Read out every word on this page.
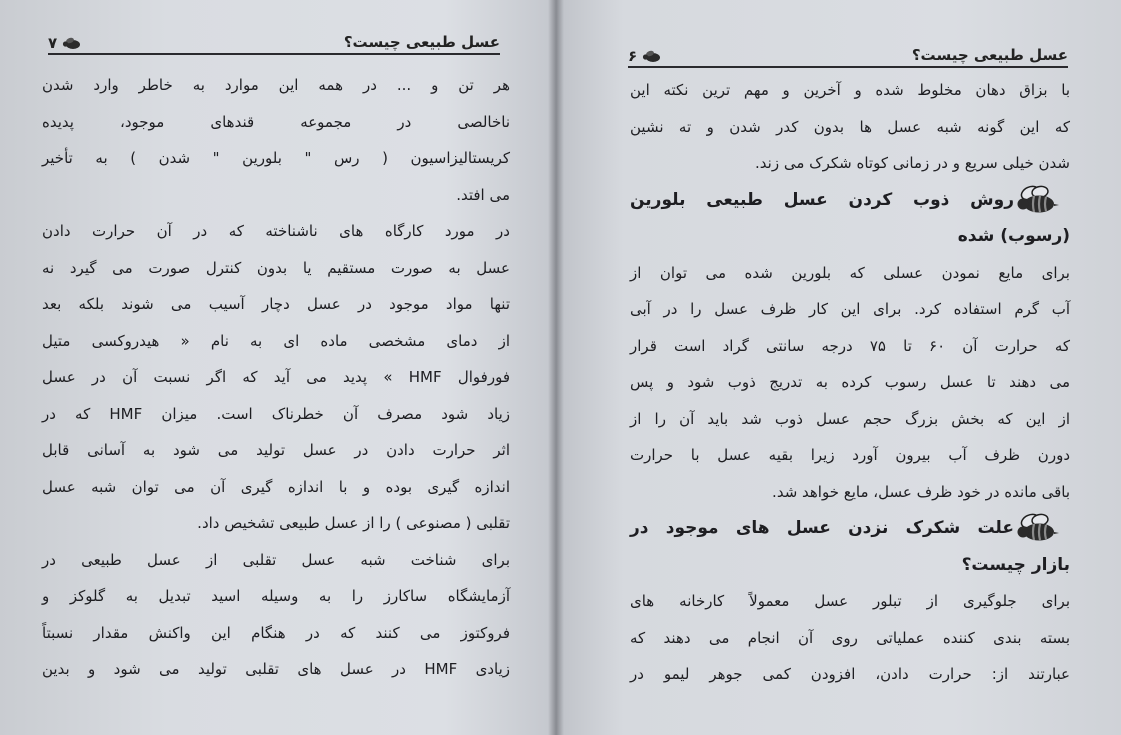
عسل طبیعی چیست؟
۷
هر تن و ... در همه این موارد به خاطر وارد شدن
ناخالصی در مجموعه قندهای موجود، پدیده
کریستالیزاسیون ( رس " بلورین " شدن ) به تأخیر
می افتد.
در مورد کارگاه های ناشناخته که در آن حرارت دادن
عسل به صورت مستقیم یا بدون کنترل صورت می گیرد نه
تنها مواد موجود در عسل دچار آسیب می شوند بلکه بعد
از دمای مشخصی ماده ای به نام « هیدروکسی متیل
فورفوال HMF » پدید می آید که اگر نسبت آن در عسل
زیاد شود مصرف آن خطرناک است. میزان HMF که در
اثر حرارت دادن در عسل تولید می شود به آسانی قابل
اندازه گیری بوده و با اندازه گیری آن می توان شبه عسل
تقلبی ( مصنوعی ) را از عسل طبیعی تشخیص داد.
برای شناخت شبه عسل تقلبی از عسل طبیعی در
آزمایشگاه ساکارز را به وسیله اسید تبدیل به گلوکز و
فروکتوز می کنند که در هنگام این واکنش مقدار نسبتاً
زیادی HMF در عسل های تقلبی تولید می شود و بدین
عسل طبیعی چیست؟
۶
با بزاق دهان مخلوط شده و آخرین و مهم ترین نکته این
که این گونه شبه عسل ها بدون کدر شدن و ته نشین
شدن خیلی سریع و در زمانی کوتاه شکرک می زند.
روش ذوب کردن عسل طبیعی بلورین
(رسوب) شده
برای مایع نمودن عسلی که بلورین شده می توان از
آب گرم استفاده کرد. برای این کار ظرف عسل را در آبی
که حرارت آن ۶۰ تا ۷۵ درجه سانتی گراد است قرار
می دهند تا عسل رسوب کرده به تدریج ذوب شود و پس
از این که بخش بزرگ حجم عسل ذوب شد باید آن را از
دورن ظرف آب بیرون آورد زیرا بقیه عسل با حرارت
باقی مانده در خود ظرف عسل، مایع خواهد شد.
علت شکرک نزدن عسل های موجود در
بازار چیست؟
برای جلوگیری از تبلور عسل معمولاً کارخانه های
بسته بندی کننده عملیاتی روی آن انجام می دهند که
عبارتند از: حرارت دادن، افزودن کمی جوهر لیمو در
